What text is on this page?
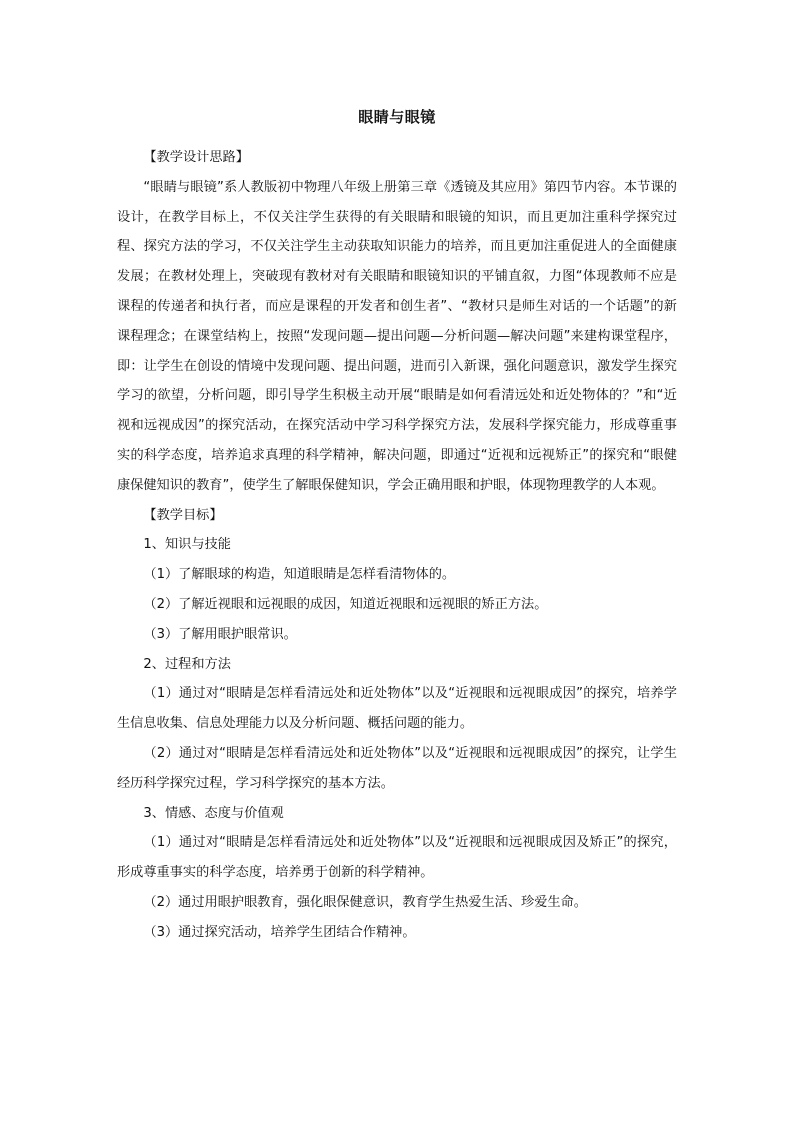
眼睛与眼镜

【教学设计思路】

“眼睛与眼镜”系人教版初中物理八年级上册第三章《透镜及其应用》第四节内容。本节课的设计，在教学目标上，不仅关注学生获得的有关眼睛和眼镜的知识，而且更加注重科学探究过程、探究方法的学习，不仅关注学生主动获取知识能力的培养，而且更加注重促进人的全面健康发展；在教材处理上，突破现有教材对有关眼睛和眼镜知识的平铺直叙，力图“体现教师不应是课程的传递者和执行者，而应是课程的开发者和创生者”、“教材只是师生对话的一个话题”的新课程理念；在课堂结构上，按照“发现问题—提出问题—分析问题—解决问题”来建构课堂程序，即：让学生在创设的情境中发现问题、提出问题，进而引入新课，强化问题意识，激发学生探究学习的欲望，分析问题，即引导学生积极主动开展“眼睛是如何看清远处和近处物体的？”和“近视和远视成因”的探究活动，在探究活动中学习科学探究方法，发展科学探究能力，形成尊重事实的科学态度，培养追求真理的科学精神，解决问题，即通过“近视和远视矫正”的探究和“眼健康保健知识的教育”，使学生了解眼保健知识，学会正确用眼和护眼，体现物理教学的人本观。

【教学目标】

1、知识与技能

（1）了解眼球的构造，知道眼睛是怎样看清物体的。

（2）了解近视眼和远视眼的成因，知道近视眼和远视眼的矫正方法。

（3）了解用眼护眼常识。

2、过程和方法

（1）通过对“眼睛是怎样看清远处和近处物体”以及“近视眼和远视眼成因”的探究，培养学生信息收集、信息处理能力以及分析问题、概括问题的能力。

（2）通过对“眼睛是怎样看清远处和近处物体”以及“近视眼和远视眼成因”的探究，让学生经历科学探究过程，学习科学探究的基本方法。

3、情感、态度与价值观

（1）通过对“眼睛是怎样看清远处和近处物体”以及“近视眼和远视眼成因及矫正”的探究，形成尊重事实的科学态度，培养勇于创新的科学精神。

（2）通过用眼护眼教育，强化眼保健意识，教育学生热爱生活、珍爱生命。

（3）通过探究活动，培养学生团结合作精神。
